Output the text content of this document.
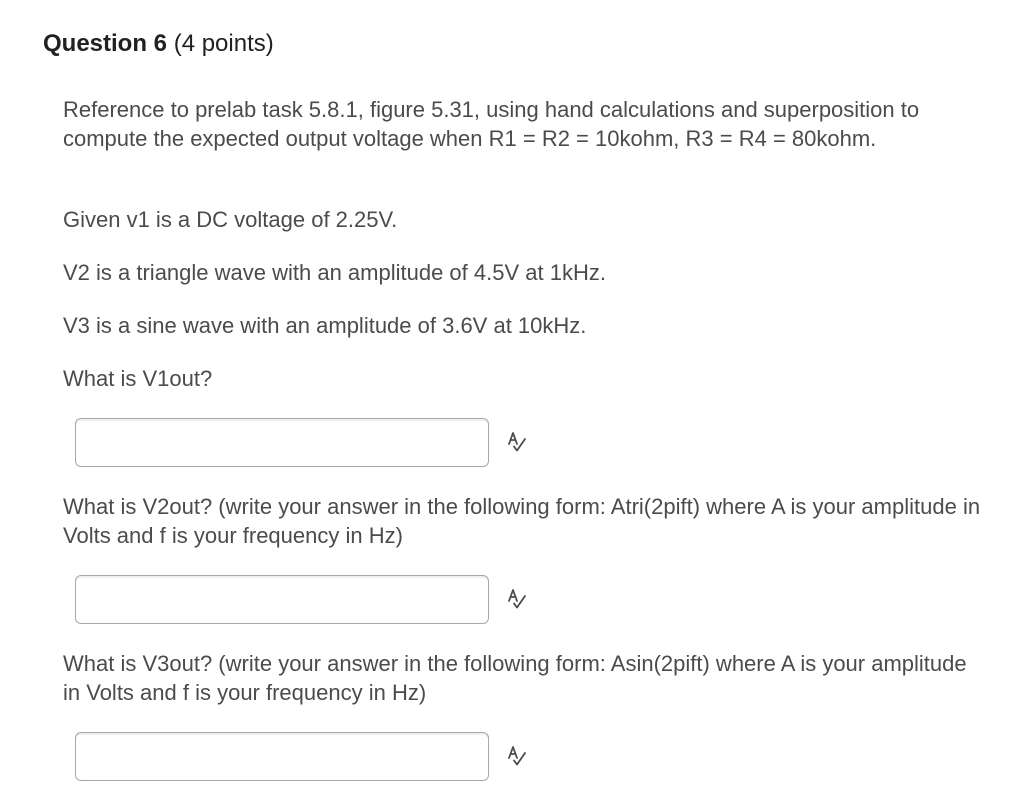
Question 6 (4 points)

Reference to prelab task 5.8.1, figure 5.31, using hand calculations and superposition to compute the expected output voltage when R1 = R2 = 10kohm, R3 = R4 = 80kohm.

Given v1 is a DC voltage of 2.25V.

V2 is a triangle wave with an amplitude of 4.5V at 1kHz.

V3 is a sine wave with an amplitude of 3.6V at 10kHz.

What is V1out?

What is V2out? (write your answer in the following form: Atri(2pift) where A is your amplitude in Volts and f is your frequency in Hz)

What is V3out? (write your answer in the following form: Asin(2pift) where A is your amplitude in Volts and f is your frequency in Hz)
